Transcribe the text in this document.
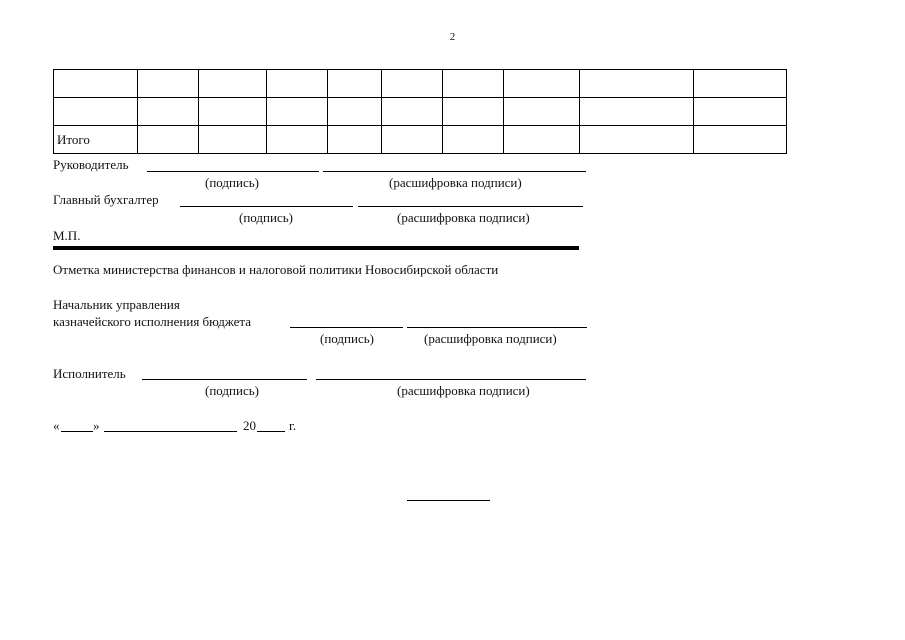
2

Итого									
Руководитель
(подпись)	(расшифровка подписи)
Главный бухгалтер
(подпись)	(расшифровка подписи)
М.П.
Отметка министерства финансов и налоговой политики Новосибирской области
Начальник управления
казначейского исполнения бюджета
(подпись)	(расшифровка подписи)
Исполнитель
(подпись)	(расшифровка подписи)
«	»	20	г.
